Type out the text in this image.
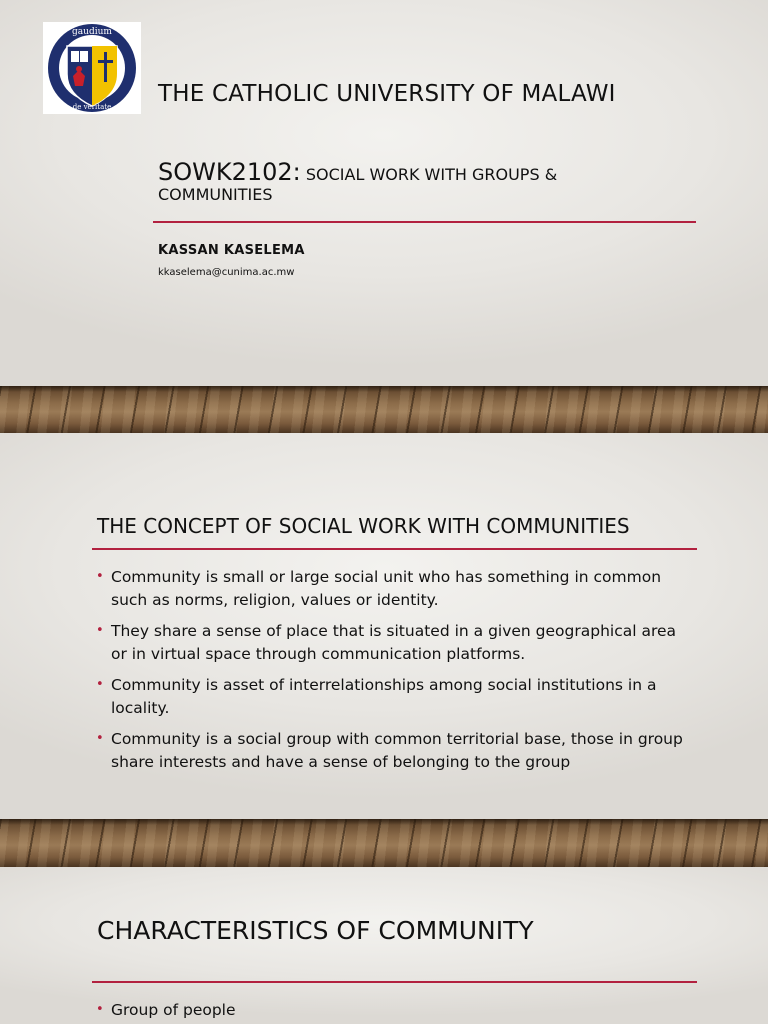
gaudium
de veritate THE CATHOLIC UNIVERSITY OF MALAWI
SOWK2102: SOCIAL WORK WITH GROUPS & COMMUNITIES
KASSAN KASELEMA
kkaselema@cunima.ac.mw
THE CONCEPT OF SOCIAL WORK WITH COMMUNITIES
• Community is small or large social unit who has something in common such as norms, religion, values or identity.
• They share a sense of place that is situated in a given geographical area or in virtual space through communication platforms.
• Community is asset of interrelationships among social institutions in a locality.
• Community is a social group with common territorial base, those in group share interests and have a sense of belonging to the group
CHARACTERISTICS OF COMMUNITY
• Group of people
